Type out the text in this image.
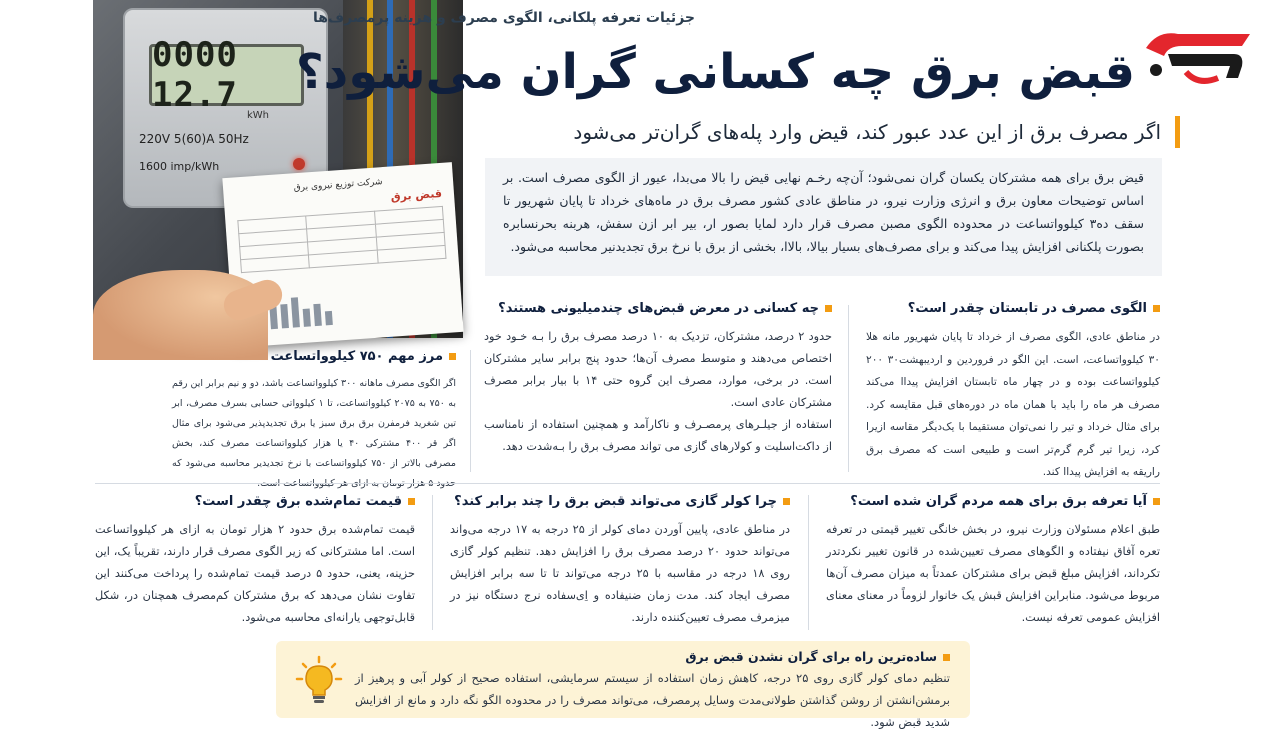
0000 12.7
kWh
220V 5(60)A 50Hz
1600 imp/kWh
شرکت توزیع نیروی برق
قبض برق

جزئیات تعرفه پلکانی، الگوی مصرف و هزینه پرمصرف‌ها
قبض برق چه کسانی گران می‌شود؟
اگر مصرف برق از این عدد عبور کند، قیض وارد پله‌های گران‌تر می‌شود
قیض برق برای همه مشترکان یکسان گران نمی‌شود؛ آن‌چه رخـم نهایی قیض را بالا می‌بدا، عیور از الگوی مصرف است. بر اساس توضیحات معاون برق و انرژی وزارت نیرو، در مناطق عادی کشور مصرف برق در ماه‌های خرداد تا پایان شهریور تا سقف ده۳ کیلوواتساعت در محدوده الگوی مصبن مصرف قرار دارد لمایا بصور ار، بیر ابر ازن سفش، هربنه‌ بحرنسابره‌ بصورت پلکنانی افزایش پیدا می‌کند و برای مصرف‌های بسیار بیالا، بالاا، بخشی از برق با نرخ برق تجدیدنیر محاسبه می‌شود.
الگوی مصرف در تابستان چقدر است؟
در مناطق عادی، الگوی مصرف از خرداد تا پایان شهریور مانه هلا ۳۰ کیلوواتساعت، است. این الگو در فروردین و اردیبهشت۳۰ ۲۰۰ کیلوواتساعت بوده و در چهار ماه تابستان افزایش پیداا می‌کند مصرف هر ماه را باید با همان ماه در دوره‌های قبل مقایسه کرد. برای مثال خرداد و تیر را نمی‌توان مستقیما با یک‌دیگر مقاسه ازیرا کرد، زیرا تیر گرم گرم‌تر است و طبیعی است که مصرف برق راریقه به افزایش پیداا کند.
چه کسانی در معرض قبض‌های چندمیلیونی هستند؟
حدود ۲ درصد، مشترکان، تزدیک به ۱۰ درصد مصرف برق را بـه خـود خود اختصاص می‌دهند و متوسط مصرف آن‌ها؛ حدود پنج برابر سایر مشترکان است. در برخی، موارد، مصرف این گروه حتی ۱۴ با بیار برابر مصرف مشترکان عادی است.
استفاده از جیلـر‌های پرمصـرف و ناکارآمد و همچنین استفاده از نامناسب از داکت‌اسلیت و کولار‌های گازی می‌ تواند مصرف برق را بـه‌شدت دهد.
مرز مهم ۷۵۰ کیلوواتساعت
اگر الگوی مصرف ماهانه ۳۰۰ کیلوواتساعت باشد، دو و نیم برابر این رقم به ۷۵۰ به ۲۰۷۵ کیلوواتساعت، تا ۱ کیلوواتی حسابی بسرف مصرف، ابر تین شغرید فرمفرن برق برق سبز یا برق تجدیدپذیر می‌شود برای مثال اگر قر ۴۰۰ مشترکی ۴۰ یا هزار کیلوواتساعت مصرف کند، بخش مصرفی بالاتر از ۷۵۰ کیلوواتساعت با نرخ تجدیدیر محاسبه می‌شود که
آیا تعرفه برق برای همه مردم گران شده است؟
طبق اعلام مسئولان وزارت نیرو، در بخش خانگی تغییر قیمتی در تعرفه تعره آفاق نیفتاده و الگوهای مصرف تعیین‌شده در قانون تغییر نکردتدر تکرداند، افزایش مبلغ قبض برای مشترکان عمدتاً به میزان مصرف آن‌ها مربوط می‌شود. منابراین افزایش قبش یک خانوار لزوماً در معنای معنای افزایش عمومی تعرفه نیست.
چرا کولر گازی می‌تواند قبض برق را چند برابر کند؟
در مناطق عادی، پایین آوردن دمای کولر از ۲۵ درجه به ۱۷ درجه می‌واند می‌تواند حدود ۲۰ درصد مصرف برق را افزایش دهد. تنظیم کولر گازی روی ۱۸ درجه در مقاسبه با ۲۵ درجه می‌تواند تا تا سه برابر افزایش مصرف ایجاد کند. مدت زمان ضنیفاده و اِی‌سفاده نرج دستگاه نیز در میزمرف مصرف تعیین‌کننده دارند.
قیمت تمام‌شده برق چقدر است؟
قیمت تمام‌شده برق حدود ۲ هزار تومان به ازای هر کیلوواتساعت است. اما مشترکانی که زیر الگوی مصرف قرار دارند، تقریباً یک، این حزینه، یعنی، حدود ۵ درصد قیمت تمام‌شده را پرداخت می‌کنند این تفاوت نشان می‌دهد که برق مشترکان کم‌مصرف همچنان در، شکل قابل‌توجهی یارانه‌ای محاسبه می‌شود.
ساده‌ترین راه برای گران نشدن قبض برق
تنظیم دمای کولر گازی روی ۲۵ درجه، کاهش زمان استفاده از سیستم سرمایشی، استفاده صحیح از کولر آبی و پرهیز از برمشن‌انشتن از روشن گذاشتن طولانی‌مدت وسایل پرمصرف، می‌تواند مصرف را در محدوده الگو نگه دارد و مانع از افزایش شدید قبض شود.
